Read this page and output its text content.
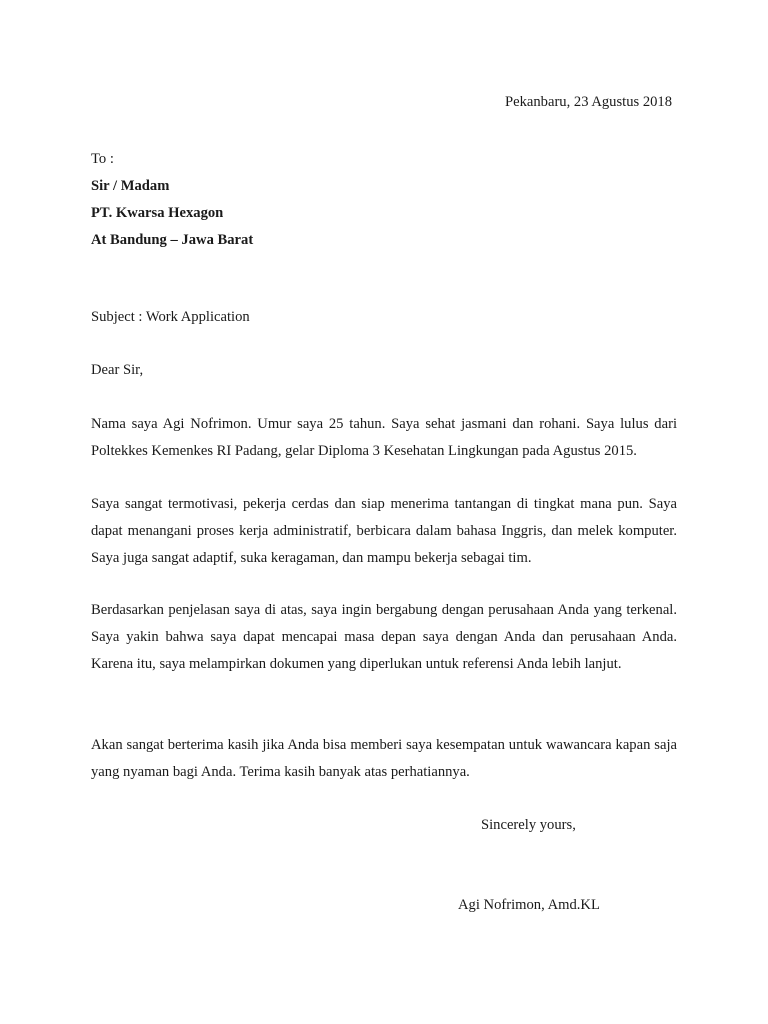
Pekanbaru, 23 Agustus 2018
To :
Sir / Madam
PT. Kwarsa Hexagon
At Bandung – Jawa Barat
Subject : Work Application
Dear Sir,

Nama saya Agi Nofrimon. Umur saya 25 tahun. Saya sehat jasmani dan rohani. Saya lulus dari Poltekkes Kemenkes RI Padang, gelar Diploma 3 Kesehatan Lingkungan pada Agustus 2015.

Saya sangat termotivasi, pekerja cerdas dan siap menerima tantangan di tingkat mana pun. Saya dapat menangani proses kerja administratif, berbicara dalam bahasa Inggris, dan melek komputer. Saya juga sangat adaptif, suka keragaman, dan mampu bekerja sebagai tim.

Berdasarkan penjelasan saya di atas, saya ingin bergabung dengan perusahaan Anda yang terkenal. Saya yakin bahwa saya dapat mencapai masa depan saya dengan Anda dan perusahaan Anda. Karena itu, saya melampirkan dokumen yang diperlukan untuk referensi Anda lebih lanjut.

Akan sangat berterima kasih jika Anda bisa memberi saya kesempatan untuk wawancara kapan saja yang nyaman bagi Anda. Terima kasih banyak atas perhatiannya.

Sincerely yours,
Agi Nofrimon, Amd.KL
